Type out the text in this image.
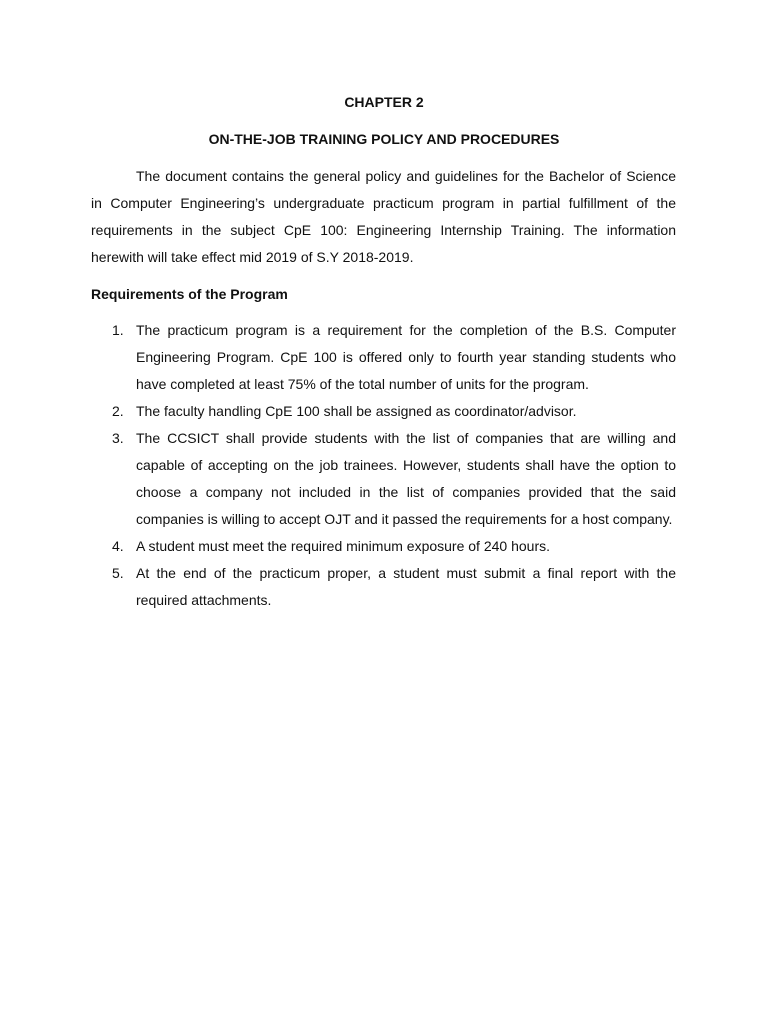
CHAPTER 2
ON-THE-JOB TRAINING POLICY AND PROCEDURES

The document contains the general policy and guidelines for the Bachelor of Science in Computer Engineering’s undergraduate practicum program in partial fulfillment of the requirements in the subject CpE 100: Engineering Internship Training. The information herewith will take effect mid 2019 of S.Y 2018-2019.

Requirements of the Program

1. The practicum program is a requirement for the completion of the B.S. Computer Engineering Program. CpE 100 is offered only to fourth year standing students who have completed at least 75% of the total number of units for the program.
2. The faculty handling CpE 100 shall be assigned as coordinator/advisor.
3. The CCSICT shall provide students with the list of companies that are willing and capable of accepting on the job trainees. However, students shall have the option to choose a company not included in the list of companies provided that the said companies is willing to accept OJT and it passed the requirements for a host company.
4. A student must meet the required minimum exposure of 240 hours.
5. At the end of the practicum proper, a student must submit a final report with the required attachments.
